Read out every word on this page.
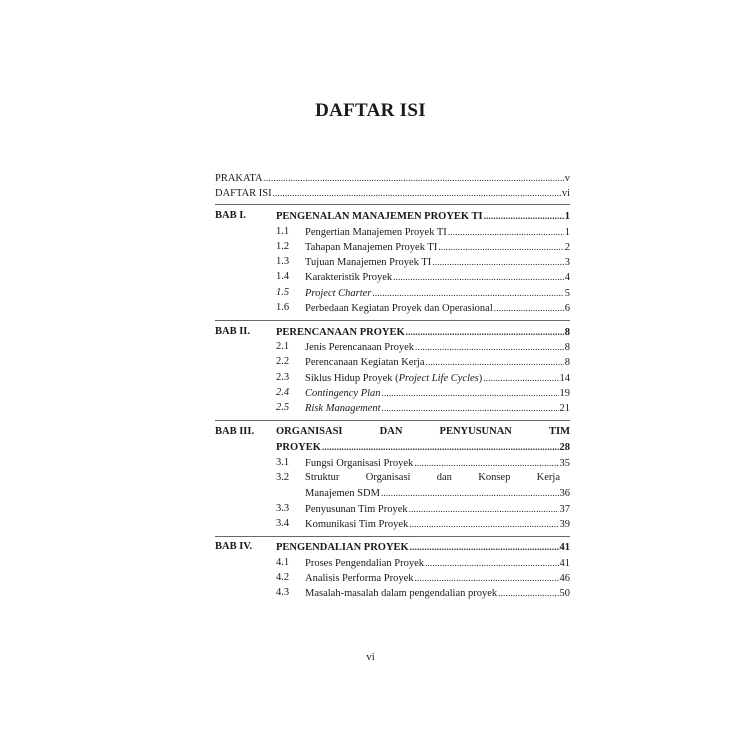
DAFTAR ISI
PRAKATA .....	v
DAFTAR ISI .....	vi
BAB I.	PENGENALAN MANAJEMEN PROYEK TI .....	1
1.1 Pengertian Manajemen Proyek TI .....	1
1.2 Tahapan Manajemen Proyek TI .....	2
1.3 Tujuan Manajemen Proyek TI .....	3
1.4 Karakteristik Proyek .....	4
1.5 Project Charter .....	5
1.6 Perbedaan Kegiatan Proyek dan Operasional .....	6
BAB II. PERENCANAAN PROYEK .....	8
2.1 Jenis Perencanaan Proyek .....	8
2.2 Perencanaan Kegiatan Kerja .....	8
2.3 Siklus Hidup Proyek (Project Life Cycles) .....	14
2.4 Contingency Plan .....	19
2.5 Risk Management .....	21
BAB III. ORGANISASI	DAN	PENYUSUNAN	TIM
PROYEK .....	28
3.1 Fungsi Organisasi Proyek .....	35
3.2 Struktur	Organisasi	dan	Konsep	Kerja
Manajemen SDM .....	36
3.3 Penyusunan Tim Proyek .....	37
3.4 Komunikasi Tim Proyek .....	39
BAB IV. PENGENDALIAN PROYEK .....	41
4.1 Proses Pengendalian Proyek .....	41
4.2 Analisis Performa Proyek .....	46
4.3 Masalah-masalah dalam pengendalian proyek .....	50
vi
